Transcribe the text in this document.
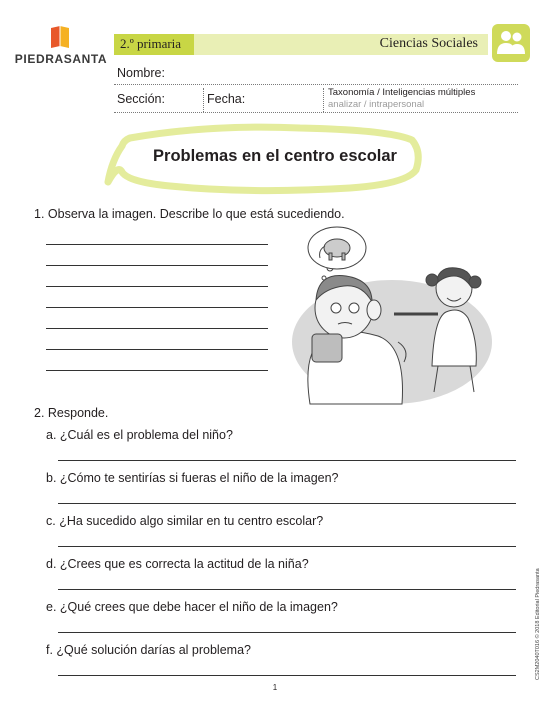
PIEDRASANTA
2.º primaria	Ciencias Sociales
Nombre:
Sección:	Fecha:	Taxonomía / Inteligencias múltiples
analizar / intrapersonal
Problemas en el centro escolar
1. Observa la imagen. Describe lo que está sucediendo.
2. Responde.
a. ¿Cuál es el problema del niño?
b. ¿Cómo te sentirías si fueras el niño de la imagen?
c. ¿Ha sucedido algo similar en tu centro escolar?
d. ¿Crees que es correcta la actitud de la niña?
e. ¿Qué crees que debe hacer el niño de la imagen?
f. ¿Qué solución darías al problema?	CS2M2040T016 © 2018 Editorial Piedrasanta
1
